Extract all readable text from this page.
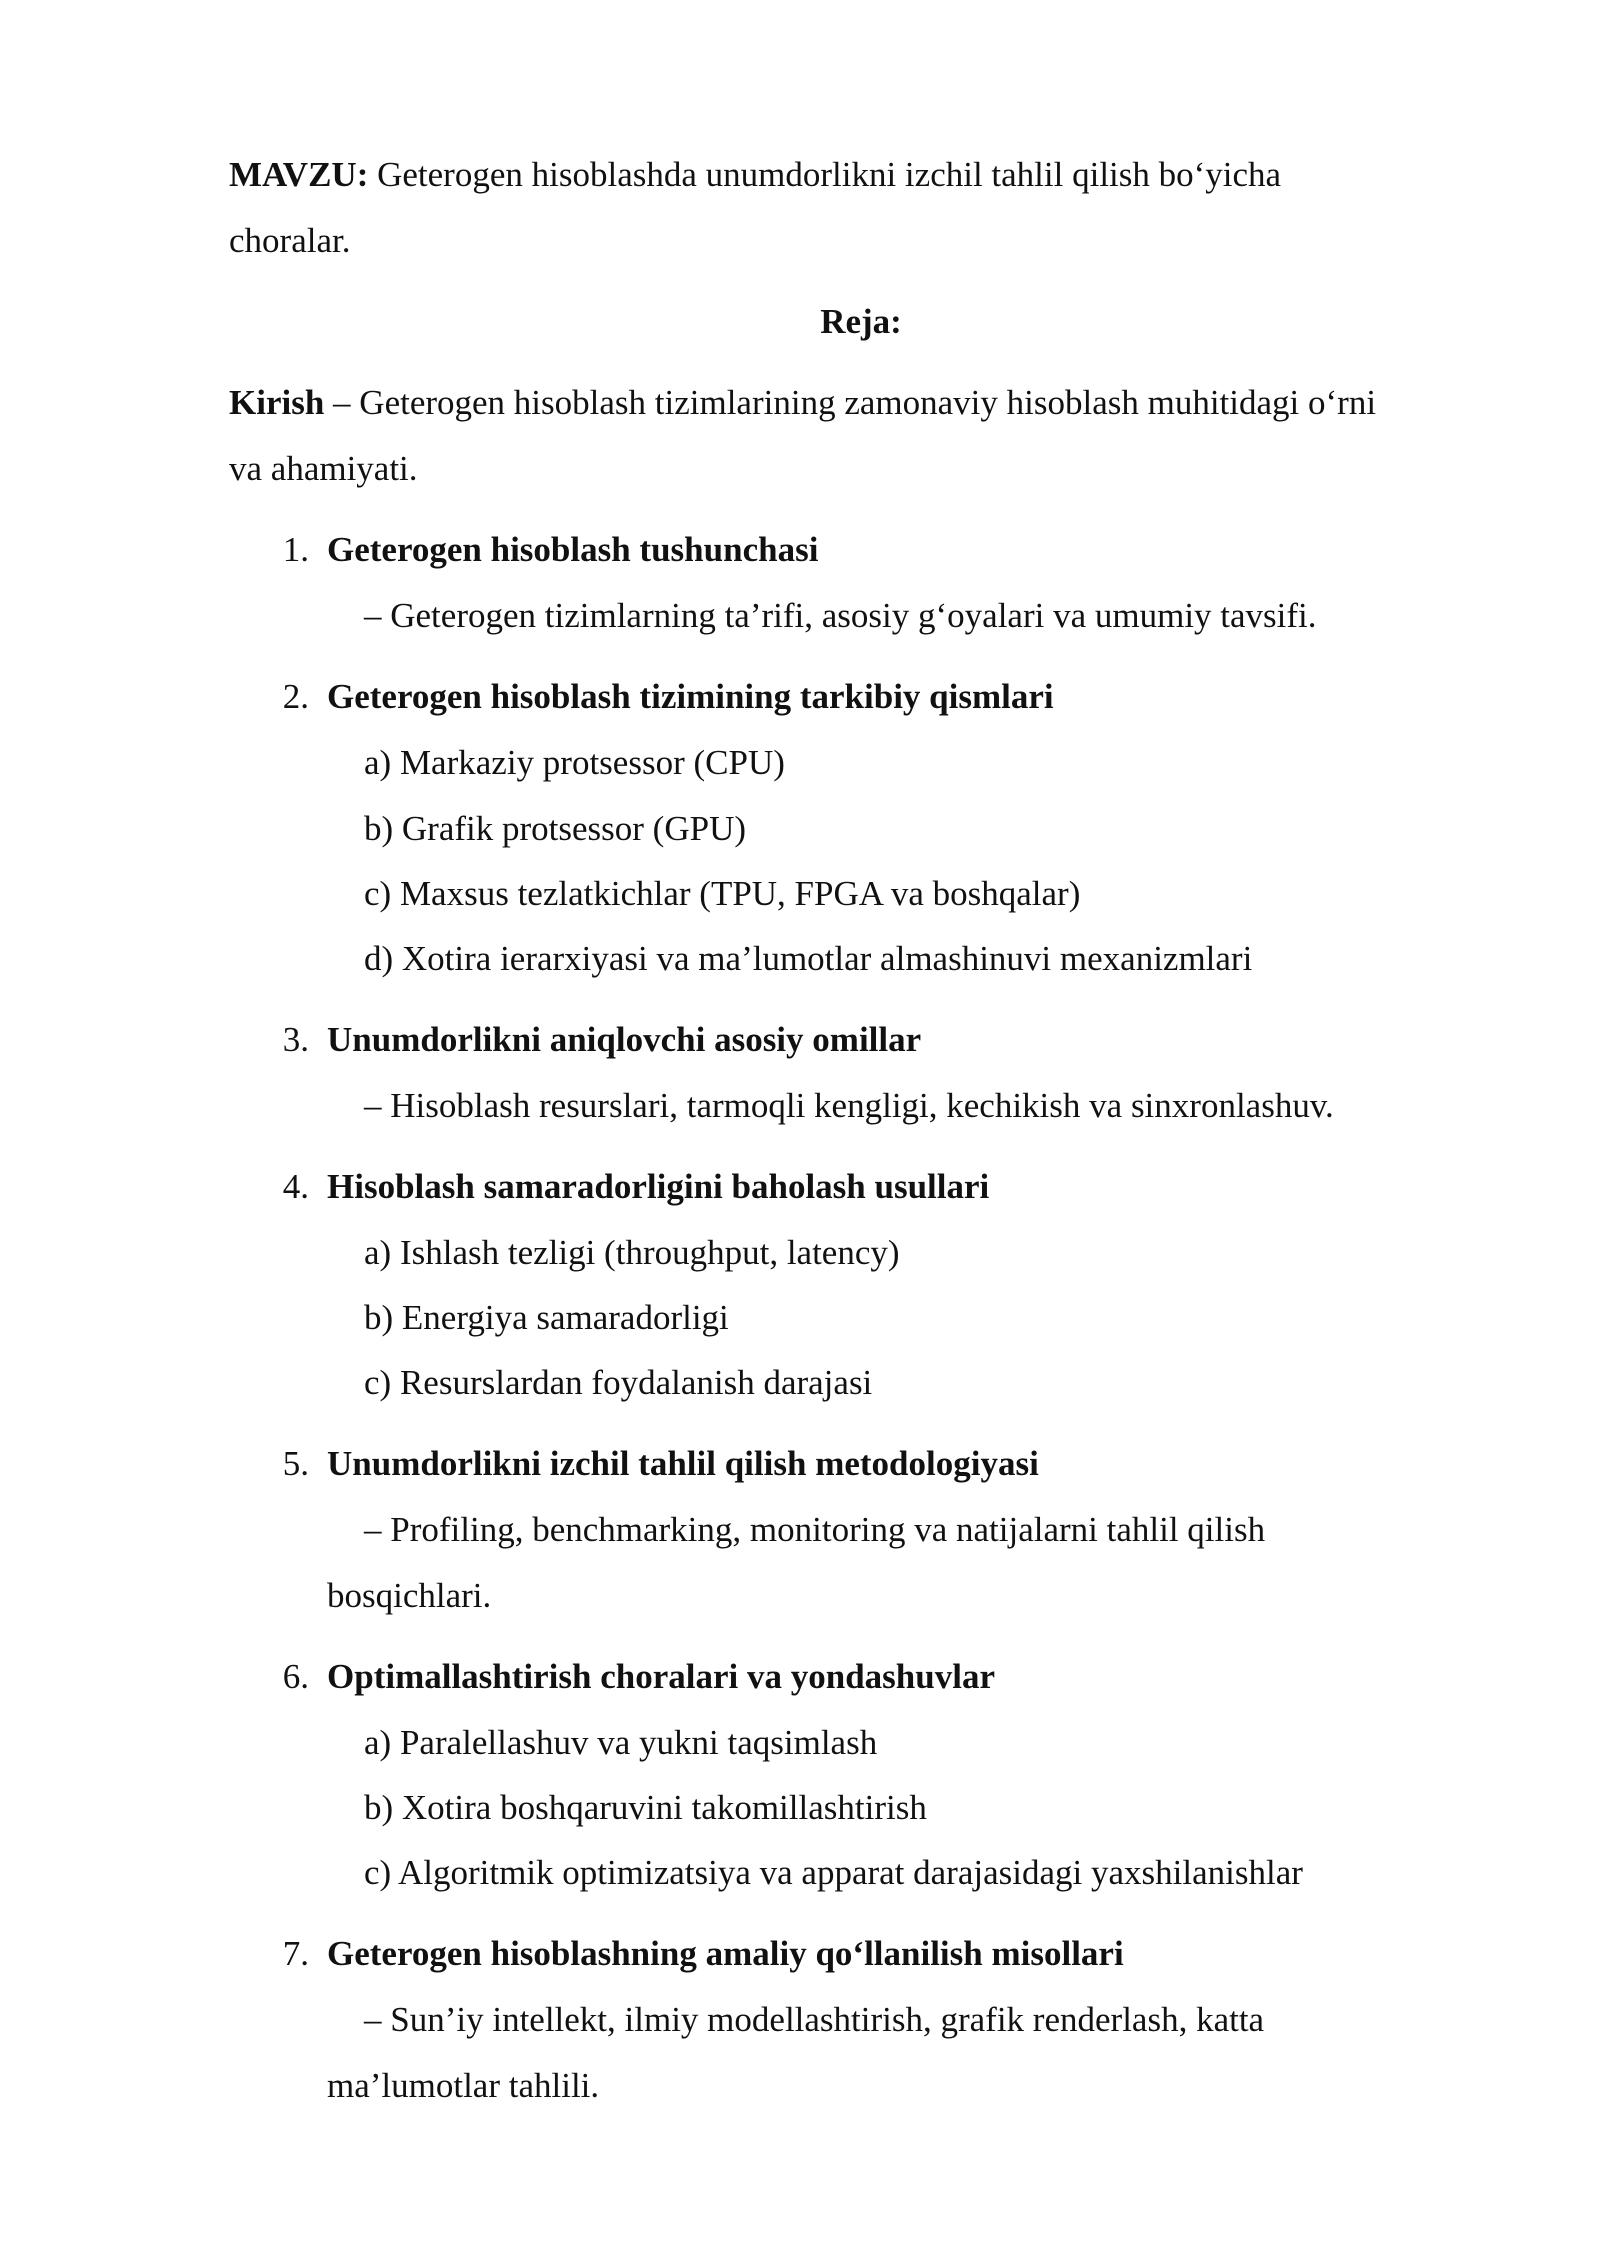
MAVZU: Geterogen hisoblashda unumdorlikni izchil tahlil qilish bo‘yicha
choralar.
Reja:
Kirish – Geterogen hisoblash tizimlarining zamonaviy hisoblash muhitidagi o‘rni
va ahamiyati.
1. Geterogen hisoblash tushunchasi
– Geterogen tizimlarning ta’rifi, asosiy g‘oyalari va umumiy tavsifi.
2. Geterogen hisoblash tizimining tarkibiy qismlari
a) Markaziy protsessor (CPU)
b) Grafik protsessor (GPU)
c) Maxsus tezlatkichlar (TPU, FPGA va boshqalar)
d) Xotira ierarxiyasi va ma’lumotlar almashinuvi mexanizmlari
3. Unumdorlikni aniqlovchi asosiy omillar
– Hisoblash resurslari, tarmoqli kengligi, kechikish va sinxronlashuv.
4. Hisoblash samaradorligini baholash usullari
a) Ishlash tezligi (throughput, latency)
b) Energiya samaradorligi
c) Resurslardan foydalanish darajasi
5. Unumdorlikni izchil tahlil qilish metodologiyasi
– Profiling, benchmarking, monitoring va natijalarni tahlil qilish
bosqichlari.
6. Optimallashtirish choralari va yondashuvlar
a) Paralellashuv va yukni taqsimlash
b) Xotira boshqaruvini takomillashtirish
c) Algoritmik optimizatsiya va apparat darajasidagi yaxshilanishlar
7. Geterogen hisoblashning amaliy qo‘llanilish misollari
– Sun’iy intellekt, ilmiy modellashtirish, grafik renderlash, katta
ma’lumotlar tahlili.
